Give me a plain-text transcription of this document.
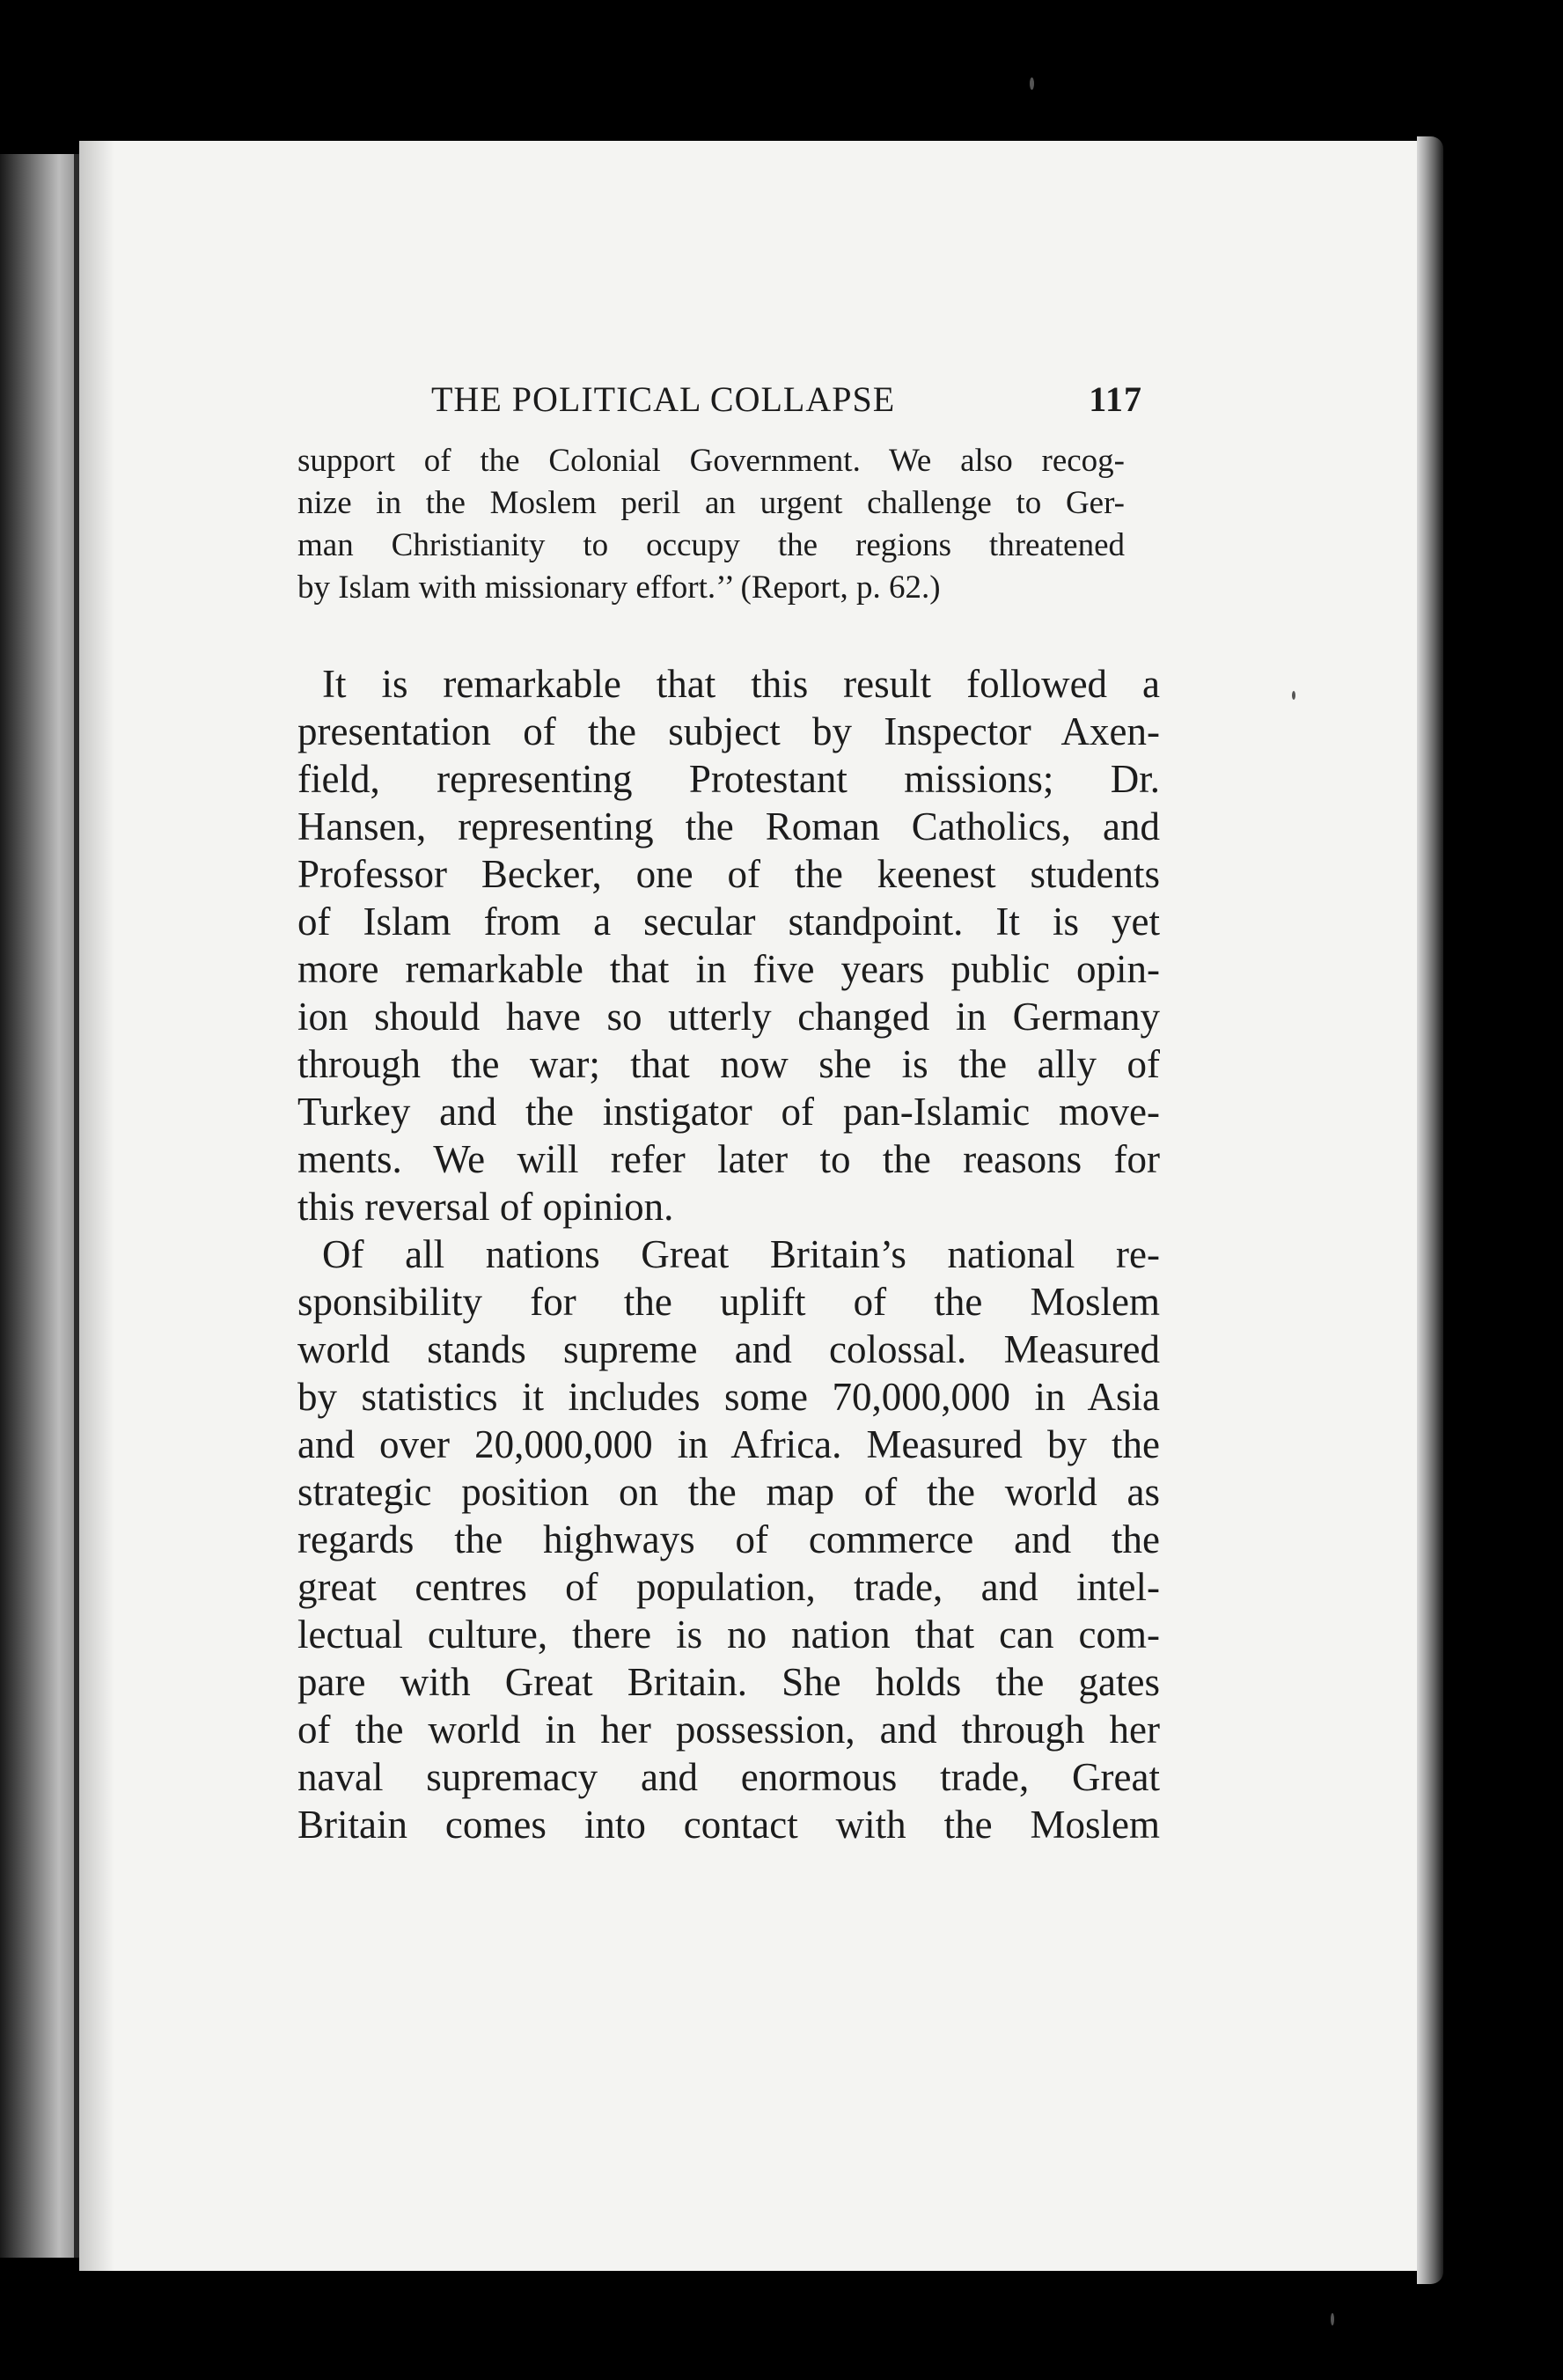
THE POLITICAL COLLAPSE	117

support of the Colonial Government. We also recog-

nize in the Moslem peril an urgent challenge to Ger-

man Christianity to occupy the regions threatened

by Islam with missionary effort.’’ (Report, p. 62.)

It is remarkable that this result followed a
presentation of the subject by Inspector Axen-
field, representing Protestant missions; Dr.
Hansen, representing the Roman Catholics, and
Professor Becker, one of the keenest students
of Islam from a secular standpoint. It is yet
more remarkable that in five years public opin-
ion should have so utterly changed in Germany
through the war; that now she is the ally of
Turkey and the instigator of pan-Islamic move-
ments. We will refer later to the reasons for
this reversal of opinion.
Of all nations Great Britain’s national re-
sponsibility for the uplift of the Moslem
world stands supreme and colossal. Measured
by statistics it includes some 70,000,000 in Asia
and over 20,000,000 in Africa. Measured by the
strategic position on the map of the world as
regards the highways of commerce and the
great centres of population, trade, and intel-
lectual culture, there is no nation that can com-
pare with Great Britain. She holds the gates
of the world in her possession, and through her
naval supremacy and enormous trade, Great
Britain comes into contact with the Moslem
